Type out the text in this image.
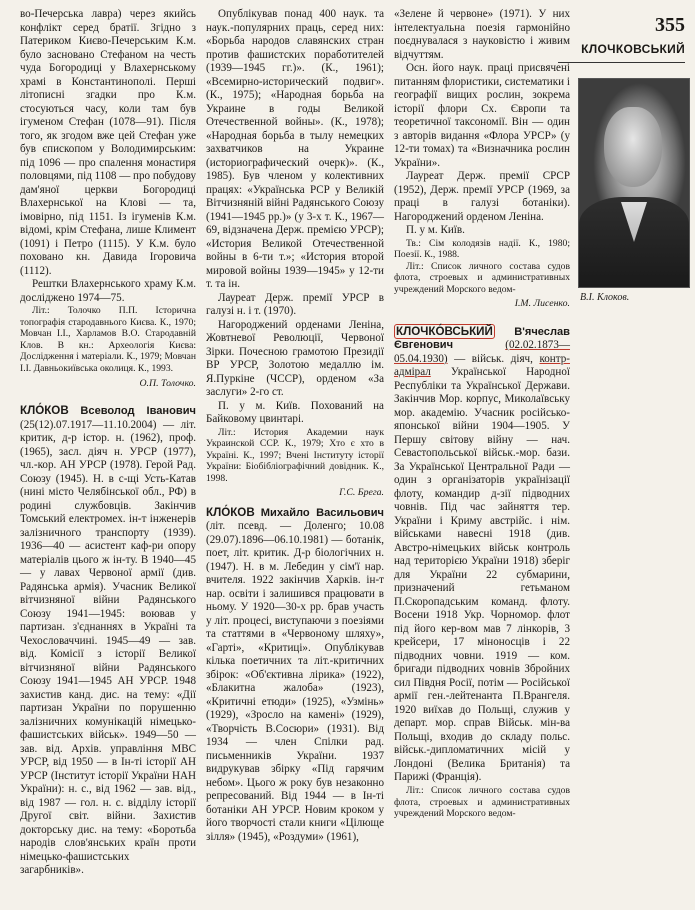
355
КЛОЧКОВСЬКИЙ

во-Печерська лавра) через якийсь конфлікт серед братії. Згідно з Патериком Києво-Печерським К.м. було засновано Стефаном на честь чуда Богородиці у Влахернському храмі в Константинополі. Перші літописні згадки про К.м. стосуються часу, коли там був ігуменом Стефан (1078—91). Після того, як згодом вже цей Стефан уже був єпископом у Володимирським: під 1096 — про спалення монастиря половцями, під 1108 — про побудову дам'яної церкви Богородиці Влахернської на Клові — та, імовірно, під 1151. Із ігуменів К.м. відомі, крім Стефана, лише Климент (1091) і Петро (1115). У К.м. було поховано кн. Давида Ігоровича (1112).

Рештки Влахернського храму К.м. досліджено 1974—75.

Літ.: Толочко П.П. Історична топографія стародавнього Києва. К., 1970; Мовчан І.І., Харламов В.О. Стародавній Клов. В кн.: Археологія Києва: Дослідження і матеріали. К., 1979; Мовчан І.І. Давньокиївська околиця. К., 1993.

О.П. Толочко.

КЛО́КОВ Всеволод Іванович (25(12).07.1917—11.10.2004) — літ. критик, д-р істор. н. (1962), проф. (1965), засл. діяч н. УРСР (1977), чл.-кор. АН УРСР (1978). Герой Рад. Союзу (1945). Н. в с-щі Усть-Катав (нині місто Челябінської обл., РФ) в родині службовців. Закінчив Томський електромех. ін-т інженерів залізничного транспорту (1939). 1936—40 — асистент каф-ри опору матеріалів цього ж ін-ту. В 1940—45 — у лавах Червоної армії (див. Радянська армія). Учасник Великої вітчизняної війни Радянського Союзу 1941—1945: воював у партизан. з'єднаннях в Україні та Чехословаччині. 1945—49 — зав. від. Комісії з історії Великої вітчизняної війни Радянського Союзу 1941—1945 АН УРСР. 1948 захистив канд. дис. на тему: «Дії партизан України по порушенню залізничних комунікацій німецько-фашистських військ». 1949—50 — зав. від. Архів. управління МВС УРСР, від 1950 — в Ін-ті історії АН УРСР (Інститут історії України НАН України): н. с., від 1962 — зав. від., від 1987 — гол. н. с. відділу історії Другої світ. війни. Захистив докторську дис. на тему: «Боротьба народів слов'янських країн проти німецько-фашистських загарбників».

Опублікував понад 400 наук. та наук.-популярних праць, серед них: «Борьба народов славянских стран против фашистских поработителей (1939—1945 гг.)». (К., 1961); «Всемирно-исторический подвиг». (К., 1975); «Народная борьба на Украине в годы Великой Отечественной войны». (К., 1978); «Народная борьба в тылу немецких захватчиков на Украине (историографический очерк)». (К., 1985). Був членом у колективних працях: «Українська РСР у Великій Вітчизняній війні Радянського Союзу (1941—1945 рр.)» (у 3-х т. К., 1967—69, відзначена Держ. премією УРСР); «История Великой Отечественной войны в 6-ти т.»; «История второй мировой войны 1939—1945» у 12-ти т. та ін.

Лауреат Держ. премії УРСР в галузі н. і т. (1970).

Нагороджений орденами Леніна, Жовтневої Революції, Червоної Зірки. Почесною грамотою Президії ВР УРСР, Золотою медаллю ім. Я.Пуркіне (ЧССР), орденом «За заслуги» 2-го ст.

П. у м. Київ. Похований на Байковому цвинтарі.

Літ.: История Академии наук Украинской ССР. К., 1979; Хто є хто в Україні. К., 1997; Вчені Інституту історії України: Біобібліографічний довідник. К., 1998.

Г.С. Брега.

КЛО́КОВ Михайло Васильович (літ. псевд. — Доленго; 10.08 (29.07).1896—06.10.1981) — ботанік, поет, літ. критик. Д-р біологічних н. (1947). Н. в м. Лебедин у сім'ї нар. вчителя. 1922 закінчив Харків. ін-т нар. освіти і залишився працювати в ньому. У 1920—30-х рр. брав участь у літ. процесі, виступаючи з поезіями та статтями в «Червоному шляху», «Гарті», «Критиці». Опублікував кілька поетичних та літ.-критичних збірок: «Об'єктивна лірика» (1922), «Блакитна жалоба» (1923), «Критичні етюди» (1925), «Узмінь» (1929), «Зросло на камені» (1929), «Творчість В.Сосюри» (1931). Від 1934 — член Спілки рад. письменників України. 1937 видрукував збірку «Під гарячим небом». Цього ж року був незаконно репресований. Від 1944 — в Ін-ті ботаніки АН УРСР. Новим кроком у його творчості стали книги «Цілюще зілля» (1945), «Роздуми» (1961),

«Зелене й червоне» (1971). У них інтелектуальна поезія гармонійно поєднувалася з науковістю і живим відчуттям.

Осн. його наук. праці присвячені питанням флористики, систематики і географії вищих рослин, зокрема історії флори Сх. Європи та теоретичної таксономії. Він — один з авторів видання «Флора УРСР» (у 12-ти томах) та «Визначника рослин України».

Лауреат Держ. премії СРСР (1952), Держ. премії УРСР (1969, за праці в галузі ботаніки). Нагороджений орденом Леніна.

П. у м. Київ.

Тв.: Сім колодязів надії. К., 1980; Поезії. К., 1988.

Літ.: Список личного состава судов флота, строевых и административных учреждений Морского ведом-

І.М. Лисенко.

КЛОЧКО́ВСЬКИЙ В'ячеслав Євгенович	(02.02.1873—05.04.1930) — військ. діяч, контр-адмірал Української Народної Республіки та Української Держави. Закінчив Мор. корпус, Миколаївську мор. академію. Учасник російсько-японської війни 1904—1905. У Першу світову війну — нач. Севастопольської військ.-мор. бази. За Української Центральної Ради — один з організаторів українізації флоту, командир д-зії підводних човнів. Під час зайняття тер. України і Криму австрійс. і нім. військами навесні 1918 (див. Австро-німецьких військ контроль над територією України 1918) зберіг для України 22 субмарини, призначений гетьманом П.Скоропадським команд. флоту. Восени 1918 Укр. Чорномор. флот під його кер-вом мав 7 лінкорів, 3 крейсери, 17 міноносців і 22 підводних човни. 1919 — ком. бригади підводних човнів Збройних сил Півдня Росії, потім — Російської армії ген.-лейтенанта П.Врангеля. 1920 виїхав до Польщі, служив у департ. мор. справ Військ. мін-ва Польщі, входив до складу польс. військ.-дипломатичних місій у Лондоні (Велика Британія) та Парижі (Франція).

Літ.: Список личного состава судов флота, строевых и административных учреждений Морского ведом-

В.І. Клоков.
